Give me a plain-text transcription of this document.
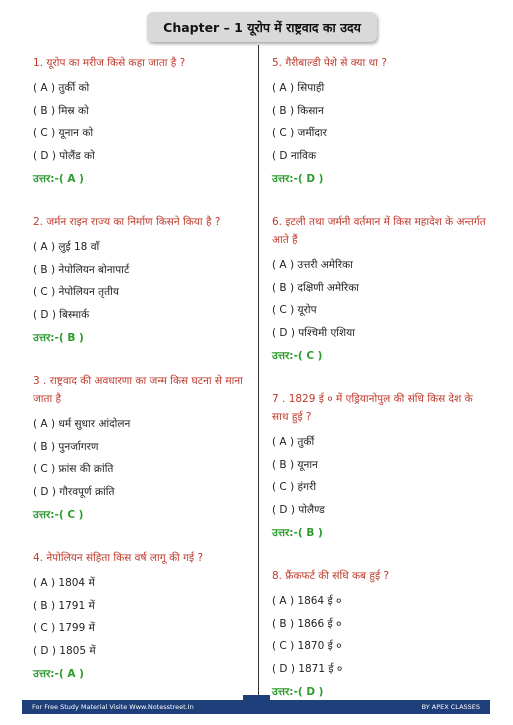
Chapter – 1 यूरोप में राष्ट्रवाद का उदय

1. यूरोप का मरीज किसे कहा जाता है ?

( A ) तुर्की को
( B ) मिस्र को
( C ) यूनान को
( D ) पोलैंड को
उत्तर:-( A )

2. जर्मन राइन राज्य का निर्माण किसने किया है ?

( A ) लुई 18 वाँ
( B ) नेपोलियन बोनापार्ट
( C ) नेपोलियन तृतीय
( D ) बिस्मार्क
उत्तर:-( B )

3 . राष्ट्रवाद की अवधारणा का जन्म किस घटना से माना जाता है

( A ) धर्म सुधार आंदोलन
( B ) पुनर्जागरण
( C ) फ्रांस की क्रांति
( D ) गौरवपूर्ण क्रांति
उत्तर:-( C )

4. नेपोलियन संहिता किस वर्ष लागू की गई ?

( A ) 1804 में
( B ) 1791 में
( C ) 1799 में
( D ) 1805 में
उत्तर:-( A )

5. गैरीबाल्डी पेशे से क्या था ?

( A ) सिपाही
( B ) किसान
( C ) जमींदार
( D नाविक
उत्तर:-( D )

6. इटली तथा जर्मनी वर्तमान में किस महादेश के अन्तर्गत आते हैं

( A ) उत्तरी अमेरिका
( B ) दक्षिणी अमेरिका
( C ) यूरोप
( D ) पश्चिमी एशिया
उत्तर:-( C )

7 . 1829 ई ० में एड्रियानोपुल की संधि किस देश के साथ हुई ?

( A ) तुर्की
( B ) यूनान
( C ) हंगरी
( D ) पोलैण्ड
उत्तर:-( B )

8. फ्रैंकफर्ट की संधि कब हुई ?

( A ) 1864 ई ०
( B ) 1866 ई ०
( C ) 1870 ई ०
( D ) 1871 ई ०
उत्तर:-( D )
For Free Study Material Visite Www.Notesstreet.In	BY APEX CLASSES
